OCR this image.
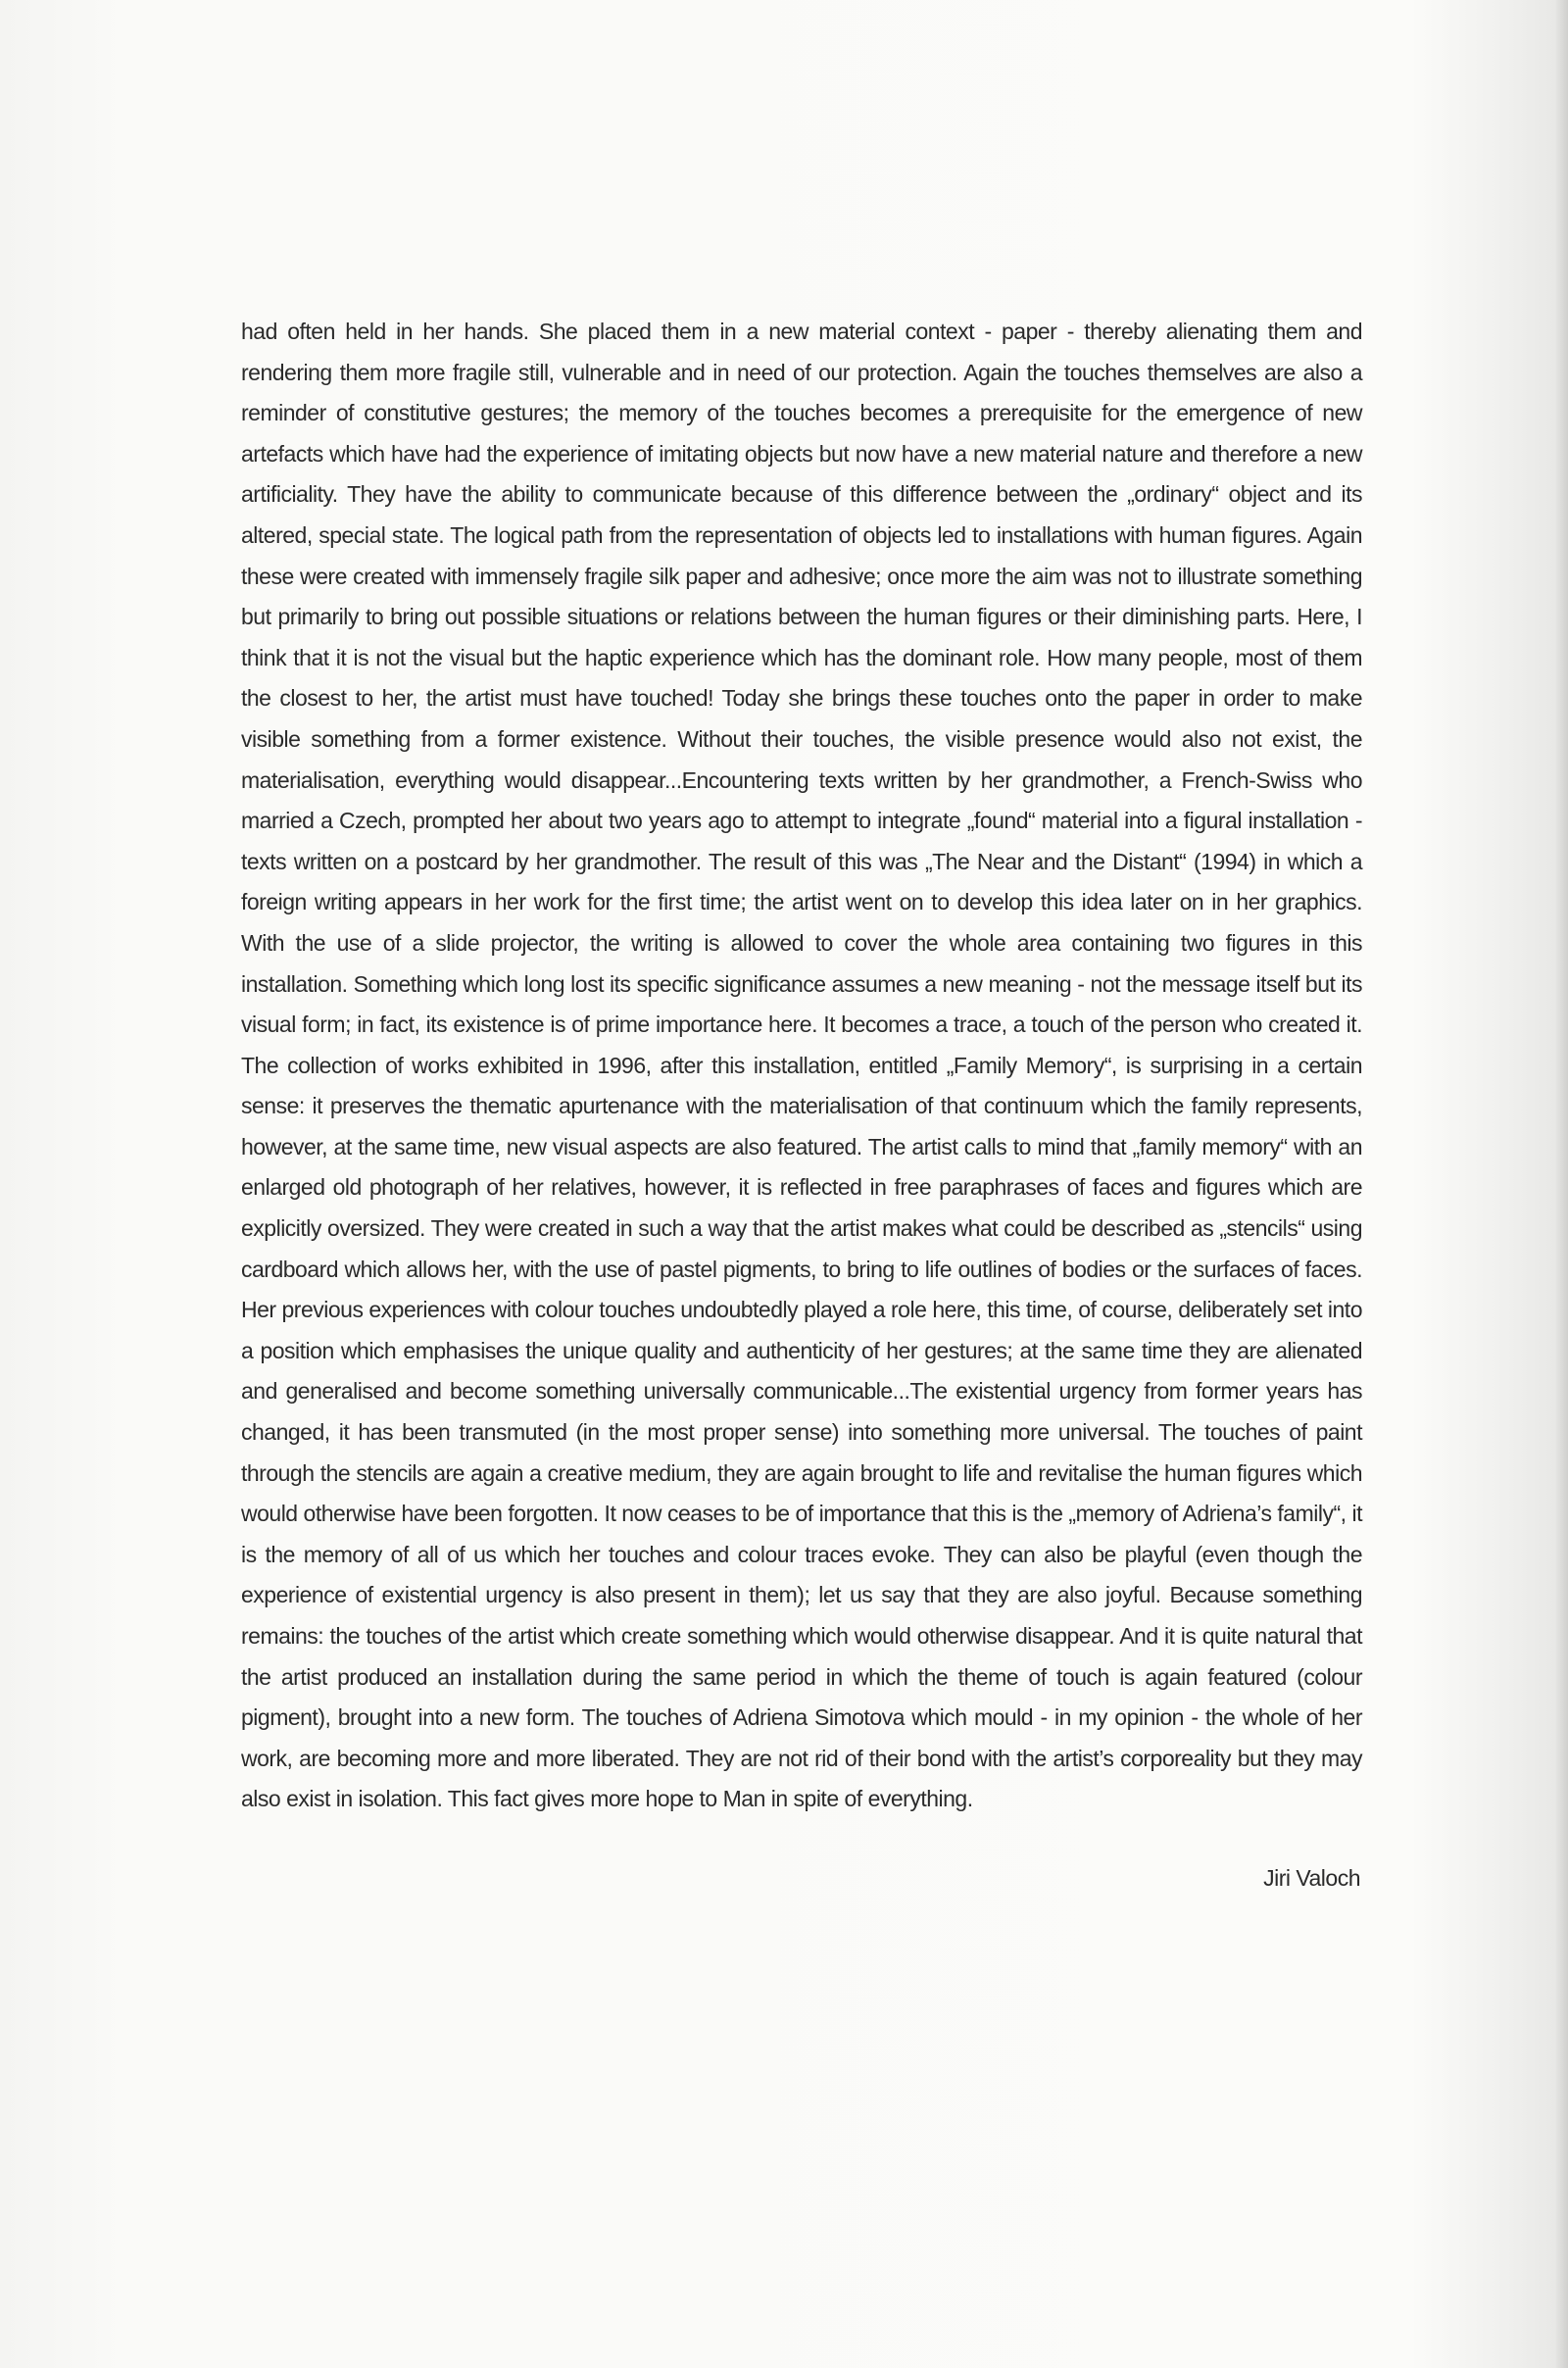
had often held in her hands. She placed them in a new material context - paper - thereby alienating them and rendering them more fragile still, vulnerable and in need of our protection. Again the touches themselves are also a reminder of constitutive gestures; the memory of the touches becomes a prerequisite for the emergence of new artefacts which have had the experience of imitating objects but now have a new material nature and therefore a new artificiality. They have the ability to communicate because of this difference between the „ordinary“ object and its altered, special state. The logical path from the representation of objects led to installations with human figures. Again these were created with immensely fragile silk paper and adhesive; once more the aim was not to illustrate something but primarily to bring out possible situations or relations between the human figures or their diminishing parts. Here, I think that it is not the visual but the haptic experience which has the dominant role. How many people, most of them the closest to her, the artist must have touched! Today she brings these touches onto the paper in order to make visible something from a former existence. Without their touches, the visible presence would also not exist, the materialisation, everything would disappear...Encountering texts written by her grandmother, a French-Swiss who married a Czech, prompted her about two years ago to attempt to integrate „found“ material into a figural installation - texts written on a postcard by her grandmother. The result of this was „The Near and the Distant“ (1994) in which a foreign writing appears in her work for the first time; the artist went on to develop this idea later on in her graphics. With the use of a slide projector, the writing is allowed to cover the whole area containing two figures in this installation. Something which long lost its specific significance assumes a new meaning - not the message itself but its visual form; in fact, its existence is of prime importance here. It becomes a trace, a touch of the person who created it. The collection of works exhibited in 1996, after this installation, entitled „Family Memory“, is surprising in a certain sense: it preserves the thematic apurtenance with the materialisation of that continuum which the family represents, however, at the same time, new visual aspects are also featured. The artist calls to mind that „family memory“ with an enlarged old photograph of her relatives, however, it is reflected in free paraphrases of faces and figures which are explicitly oversized. They were created in such a way that the artist makes what could be described as „stencils“ using cardboard which allows her, with the use of pastel pigments, to bring to life outlines of bodies or the surfaces of faces. Her previous experiences with colour touches undoubtedly played a role here, this time, of course, deliberately set into a position which emphasises the unique quality and authenticity of her gestures; at the same time they are alienated and generalised and become something universally communicable...The existential urgency from former years has changed, it has been transmuted (in the most proper sense) into something more universal. The touches of paint through the stencils are again a creative medium, they are again brought to life and revitalise the human figures which would otherwise have been forgotten. It now ceases to be of importance that this is the „memory of Adriena’s family“, it is the memory of all of us which her touches and colour traces evoke. They can also be playful (even though the experience of existential urgency is also present in them); let us say that they are also joyful. Because something remains: the touches of the artist which create something which would otherwise disappear. And it is quite natural that the artist produced an installation during the same period in which the theme of touch is again featured (colour pigment), brought into a new form. The touches of Adriena Simotova which mould - in my opinion - the whole of her work, are becoming more and more liberated. They are not rid of their bond with the artist’s corporeality but they may also exist in isolation. This fact gives more hope to Man in spite of everything.

Jiri Valoch
